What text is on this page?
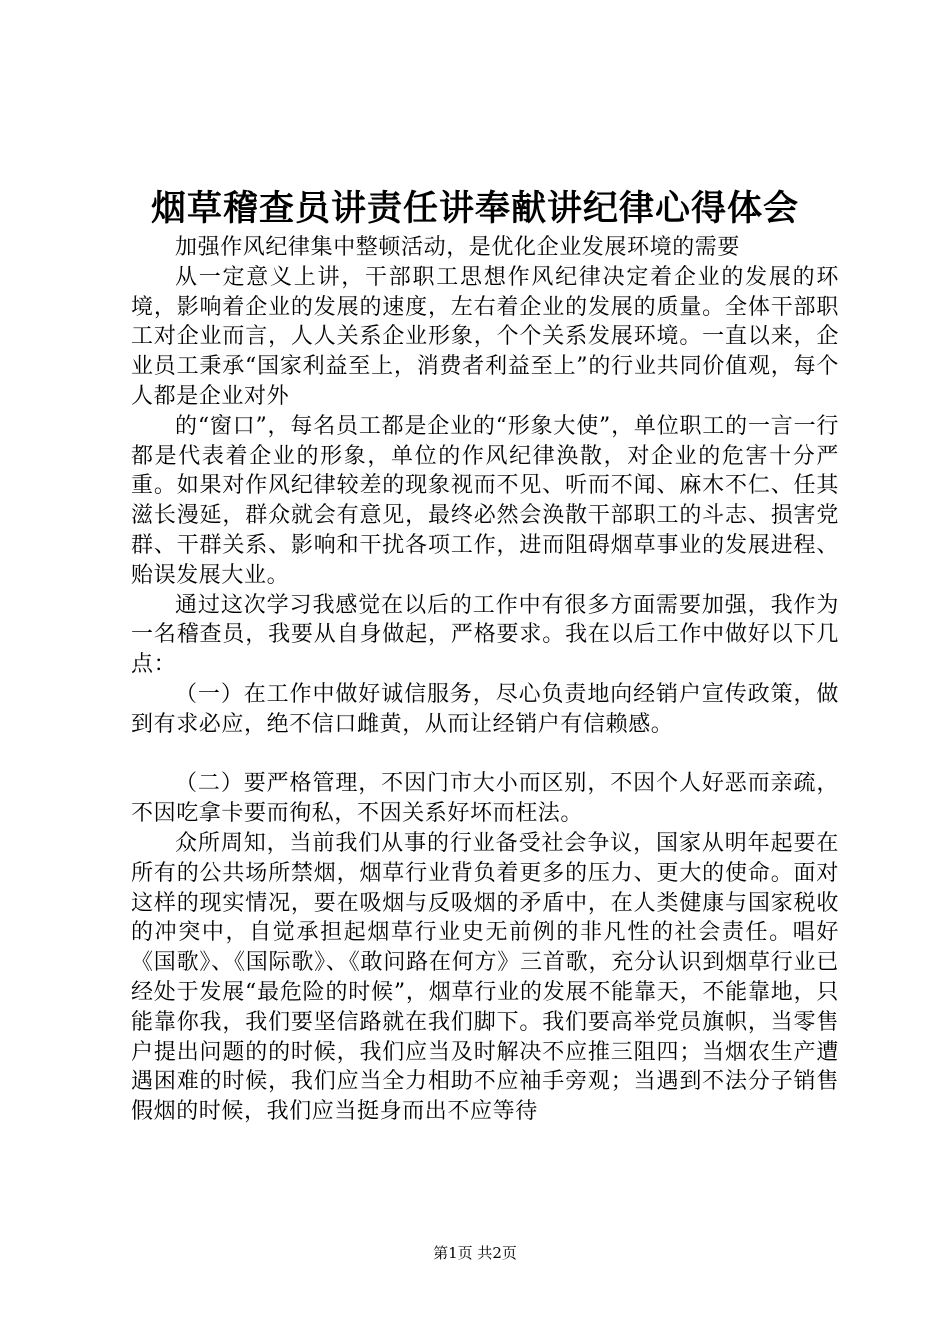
烟草稽查员讲责任讲奉献讲纪律心得体会

加强作风纪律集中整顿活动，是优化企业发展环境的需要

从一定意义上讲，干部职工思想作风纪律决定着企业的发展的环境，影响着企业的发展的速度，左右着企业的发展的质量。全体干部职工对企业而言，人人关系企业形象，个个关系发展环境。一直以来，企业员工秉承“国家利益至上，消费者利益至上”的行业共同价值观，每个人都是企业对外

的“窗口”，每名员工都是企业的“形象大使”，单位职工的一言一行都是代表着企业的形象，单位的作风纪律涣散，对企业的危害十分严重。如果对作风纪律较差的现象视而不见、听而不闻、麻木不仁、任其滋长漫延，群众就会有意见，最终必然会涣散干部职工的斗志、损害党群、干群关系、影响和干扰各项工作，进而阻碍烟草事业的发展进程、贻误发展大业。

通过这次学习我感觉在以后的工作中有很多方面需要加强，我作为一名稽查员，我要从自身做起，严格要求。我在以后工作中做好以下几点：

（一）在工作中做好诚信服务，尽心负责地向经销户宣传政策，做到有求必应，绝不信口雌黄，从而让经销户有信赖感。

（二）要严格管理，不因门市大小而区别，不因个人好恶而亲疏，不因吃拿卡要而徇私，不因关系好坏而枉法。

众所周知，当前我们从事的行业备受社会争议，国家从明年起要在所有的公共场所禁烟，烟草行业背负着更多的压力、更大的使命。面对这样的现实情况，要在吸烟与反吸烟的矛盾中，在人类健康与国家税收的冲突中，自觉承担起烟草行业史无前例的非凡性的社会责任。唱好《国歌》、《国际歌》、《敢问路在何方》三首歌，充分认识到烟草行业已经处于发展“最危险的时候”，烟草行业的发展不能靠天，不能靠地，只能靠你我，我们要坚信路就在我们脚下。我们要高举党员旗帜，当零售户提出问题的的时候，我们应当及时解决不应推三阻四；当烟农生产遭遇困难的时候，我们应当全力相助不应袖手旁观；当遇到不法分子销售假烟的时候，我们应当挺身而出不应等待

第1页 共2页
